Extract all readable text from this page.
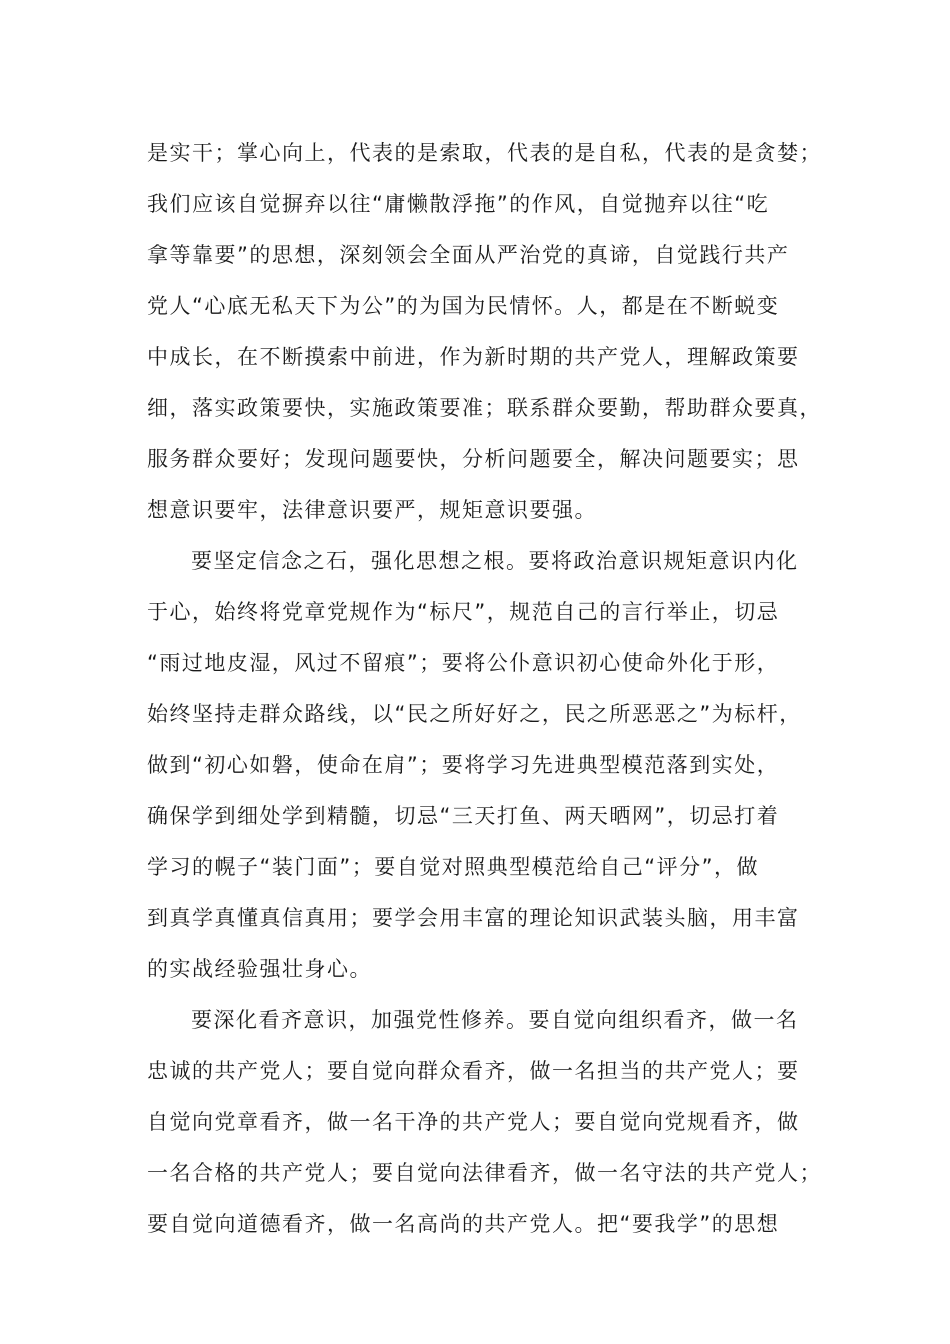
是实干；掌心向上，代表的是索取，代表的是自私，代表的是贪婪；
我们应该自觉摒弃以往“庸懒散浮拖”的作风，自觉抛弃以往“吃
拿等靠要”的思想，深刻领会全面从严治党的真谛，自觉践行共产
党人“心底无私天下为公”的为国为民情怀。人，都是在不断蜕变
中成长，在不断摸索中前进，作为新时期的共产党人，理解政策要
细，落实政策要快，实施政策要准；联系群众要勤，帮助群众要真，
服务群众要好；发现问题要快，分析问题要全，解决问题要实；思
想意识要牢，法律意识要严，规矩意识要强。
要坚定信念之石，强化思想之根。要将政治意识规矩意识内化
于心，始终将党章党规作为“标尺”，规范自己的言行举止，切忌
“雨过地皮湿，风过不留痕”；要将公仆意识初心使命外化于形，
始终坚持走群众路线，以“民之所好好之，民之所恶恶之”为标杆，
做到“初心如磐，使命在肩”；要将学习先进典型模范落到实处，
确保学到细处学到精髓，切忌“三天打鱼、两天晒网”，切忌打着
学习的幌子“装门面”；要自觉对照典型模范给自己“评分”，做
到真学真懂真信真用；要学会用丰富的理论知识武装头脑，用丰富
的实战经验强壮身心。
要深化看齐意识，加强党性修养。要自觉向组织看齐，做一名
忠诚的共产党人；要自觉向群众看齐，做一名担当的共产党人；要
自觉向党章看齐，做一名干净的共产党人；要自觉向党规看齐，做
一名合格的共产党人；要自觉向法律看齐，做一名守法的共产党人；
要自觉向道德看齐，做一名高尚的共产党人。把“要我学”的思想
